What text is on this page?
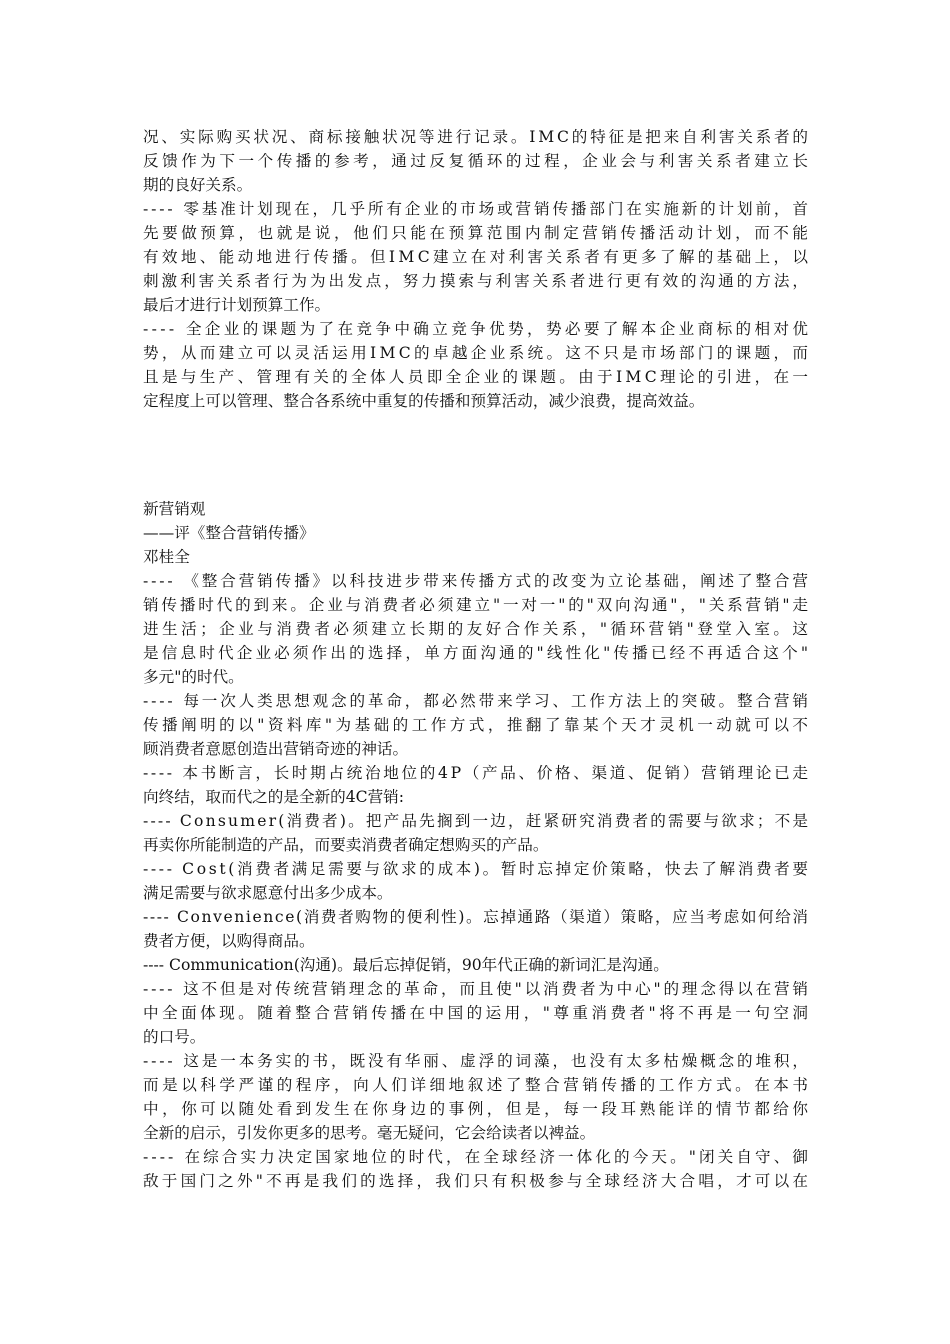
况、实际购买状况、商标接触状况等进行记录。IMC的特征是把来自利害关系者的
反馈作为下一个传播的参考，通过反复循环的过程，企业会与利害关系者建立长
期的良好关系。
---- 零基准计划现在，几乎所有企业的市场或营销传播部门在实施新的计划前，首
先要做预算，也就是说，他们只能在预算范围内制定营销传播活动计划，而不能
有效地、能动地进行传播。但IMC建立在对利害关系者有更多了解的基础上，以
刺激利害关系者行为为出发点，努力摸索与利害关系者进行更有效的沟通的方法，
最后才进行计划预算工作。
---- 全企业的课题为了在竞争中确立竞争优势，势必要了解本企业商标的相对优
势，从而建立可以灵活运用IMC的卓越企业系统。这不只是市场部门的课题，而
且是与生产、管理有关的全体人员即全企业的课题。由于IMC理论的引进，在一
定程度上可以管理、整合各系统中重复的传播和预算活动，减少浪费，提高效益。
新营销观
——评《整合营销传播》
邓桂全
---- 《整合营销传播》以科技进步带来传播方式的改变为立论基础，阐述了整合营
销传播时代的到来。企业与消费者必须建立"一对一"的"双向沟通"，"关系营销"走
进生活；企业与消费者必须建立长期的友好合作关系，"循环营销"登堂入室。这
是信息时代企业必须作出的选择，单方面沟通的"线性化"传播已经不再适合这个"
多元"的时代。
---- 每一次人类思想观念的革命，都必然带来学习、工作方法上的突破。整合营销
传播阐明的以"资料库"为基础的工作方式，推翻了靠某个天才灵机一动就可以不
顾消费者意愿创造出营销奇迹的神话。
---- 本书断言，长时期占统治地位的4P（产品、价格、渠道、促销）营销理论已走
向终结，取而代之的是全新的4C营销:
---- Consumer(消费者)。把产品先搁到一边，赶紧研究消费者的需要与欲求；不是
再卖你所能制造的产品，而要卖消费者确定想购买的产品。
---- Cost(消费者满足需要与欲求的成本)。暂时忘掉定价策略，快去了解消费者要
满足需要与欲求愿意付出多少成本。
---- Convenience(消费者购物的便利性)。忘掉通路（渠道）策略，应当考虑如何给消
费者方便，以购得商品。
---- Communication(沟通)。最后忘掉促销，90年代正确的新词汇是沟通。
---- 这不但是对传统营销理念的革命，而且使"以消费者为中心"的理念得以在营销
中全面体现。随着整合营销传播在中国的运用，"尊重消费者"将不再是一句空洞
的口号。
---- 这是一本务实的书，既没有华丽、虚浮的词藻，也没有太多枯燥概念的堆积，
而是以科学严谨的程序，向人们详细地叙述了整合营销传播的工作方式。在本书
中，你可以随处看到发生在你身边的事例，但是，每一段耳熟能详的情节都给你
全新的启示，引发你更多的思考。毫无疑问，它会给读者以裨益。
---- 在综合实力决定国家地位的时代，在全球经济一体化的今天。"闭关自守、御
敌于国门之外"不再是我们的选择，我们只有积极参与全球经济大合唱，才可以在
